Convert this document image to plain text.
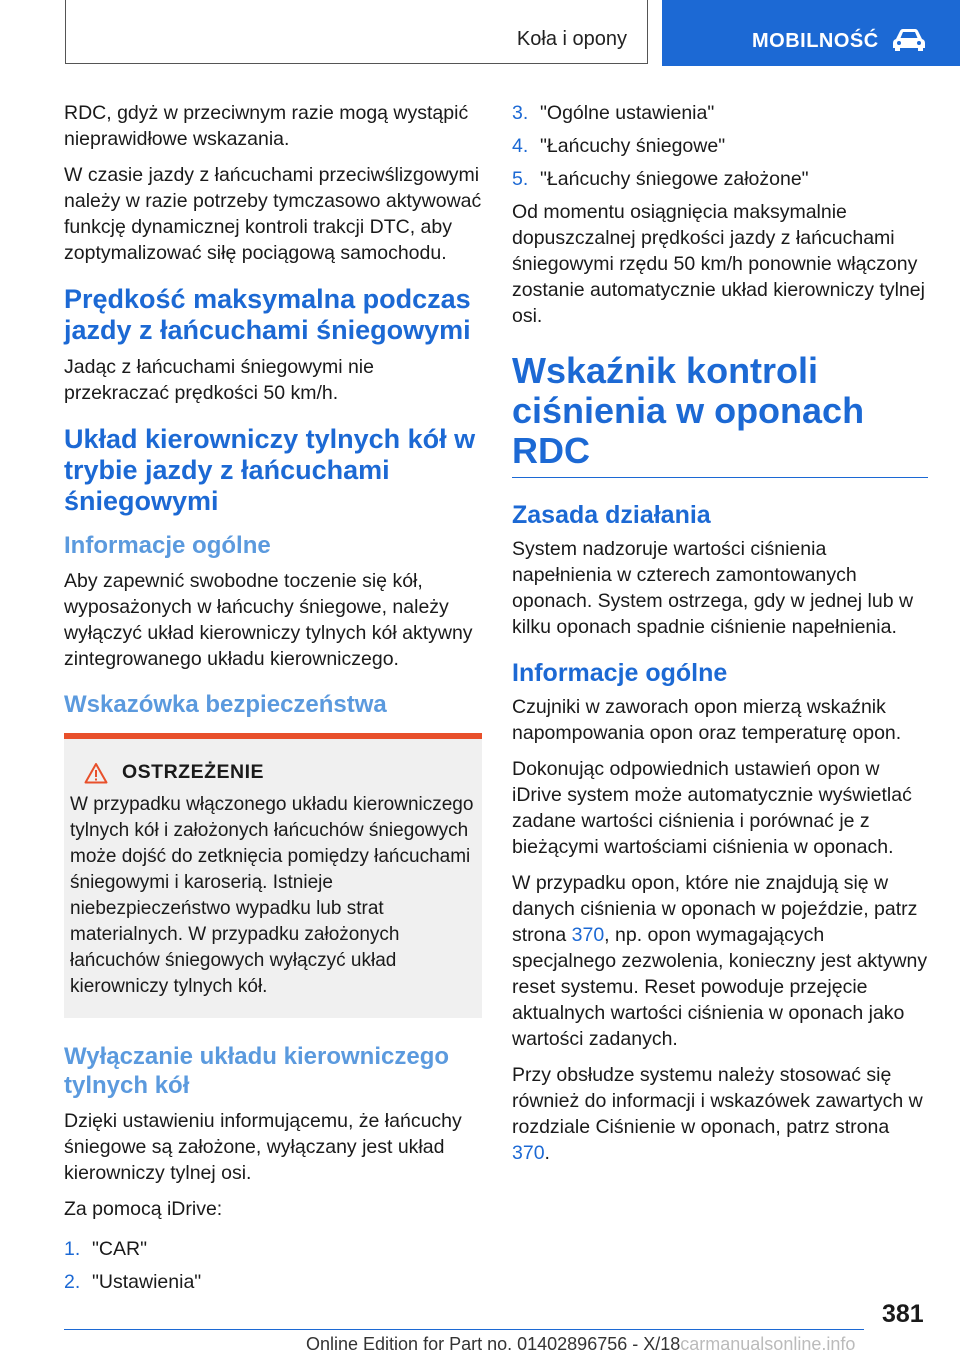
Koła i opony	MOBILNOŚĆ

RDC, gdyż w przeciwnym razie mogą wystąpić nieprawidłowe wskazania.

W czasie jazdy z łańcuchami przeciwślizgowymi należy w razie potrzeby tymczasowo aktywować funkcję dynamicznej kontroli trakcji DTC, aby zoptymalizować siłę pociągową samochodu.

Prędkość maksymalna podczas jazdy z łańcuchami śniegowymi

Jadąc z łańcuchami śniegowymi nie przekraczać prędkości 50 km/h.

Układ kierowniczy tylnych kół w trybie jazdy z łańcuchami śniegowymi
Informacje ogólne

Aby zapewnić swobodne toczenie się kół, wyposażonych w łańcuchy śniegowe, należy wyłączyć układ kierowniczy tylnych kół aktywny zintegrowanego układu kierowniczego.

Wskazówka bezpieczeństwa
OSTRZEŻENIE

W przypadku włączonego układu kierowniczego tylnych kół i założonych łańcuchów śniegowych może dojść do zetknięcia pomiędzy łańcuchami śniegowymi i karoserią. Istnieje niebezpieczeństwo wypadku lub strat materialnych. W przypadku założonych łańcuchów śniegowych wyłączyć układ kierowniczy tylnych kół.

Wyłączanie układu kierowniczego tylnych kół

Dzięki ustawieniu informującemu, że łańcuchy śniegowe są założone, wyłączany jest układ kierowniczy tylnej osi.

Za pomocą iDrive:

1. "CAR"
2. "Ustawienia"
3. "Ogólne ustawienia"
4. "Łańcuchy śniegowe"
5. "Łańcuchy śniegowe założone"

Od momentu osiągnięcia maksymalnie dopuszczalnej prędkości jazdy z łańcuchami śniegowymi rzędu 50 km/h ponownie włączony zostanie automatycznie układ kierowniczy tylnej osi.

Wskaźnik kontroli ciśnienia w oponach RDC
Zasada działania

System nadzoruje wartości ciśnienia napełnienia w czterech zamontowanych oponach. System ostrzega, gdy w jednej lub w kilku oponach spadnie ciśnienie napełnienia.

Informacje ogólne

Czujniki w zaworach opon mierzą wskaźnik napompowania opon oraz temperaturę opon.

Dokonując odpowiednich ustawień opon w iDrive system może automatycznie wyświetlać zadane wartości ciśnienia i porównać je z bieżącymi wartościami ciśnienia w oponach.

W przypadku opon, które nie znajdują się w danych ciśnienia w oponach w pojeździe, patrz strona 370, np. opon wymagających specjalnego zezwolenia, konieczny jest aktywny reset systemu. Reset powoduje przejęcie aktualnych wartości ciśnienia w oponach jako wartości zadanych.

Przy obsłudze systemu należy stosować się również do informacji i wskazówek zawartych w rozdziale Ciśnienie w oponach, patrz strona 370.

381
Online Edition for Part no. 01402896756 - X/18carmanualsonline.info
